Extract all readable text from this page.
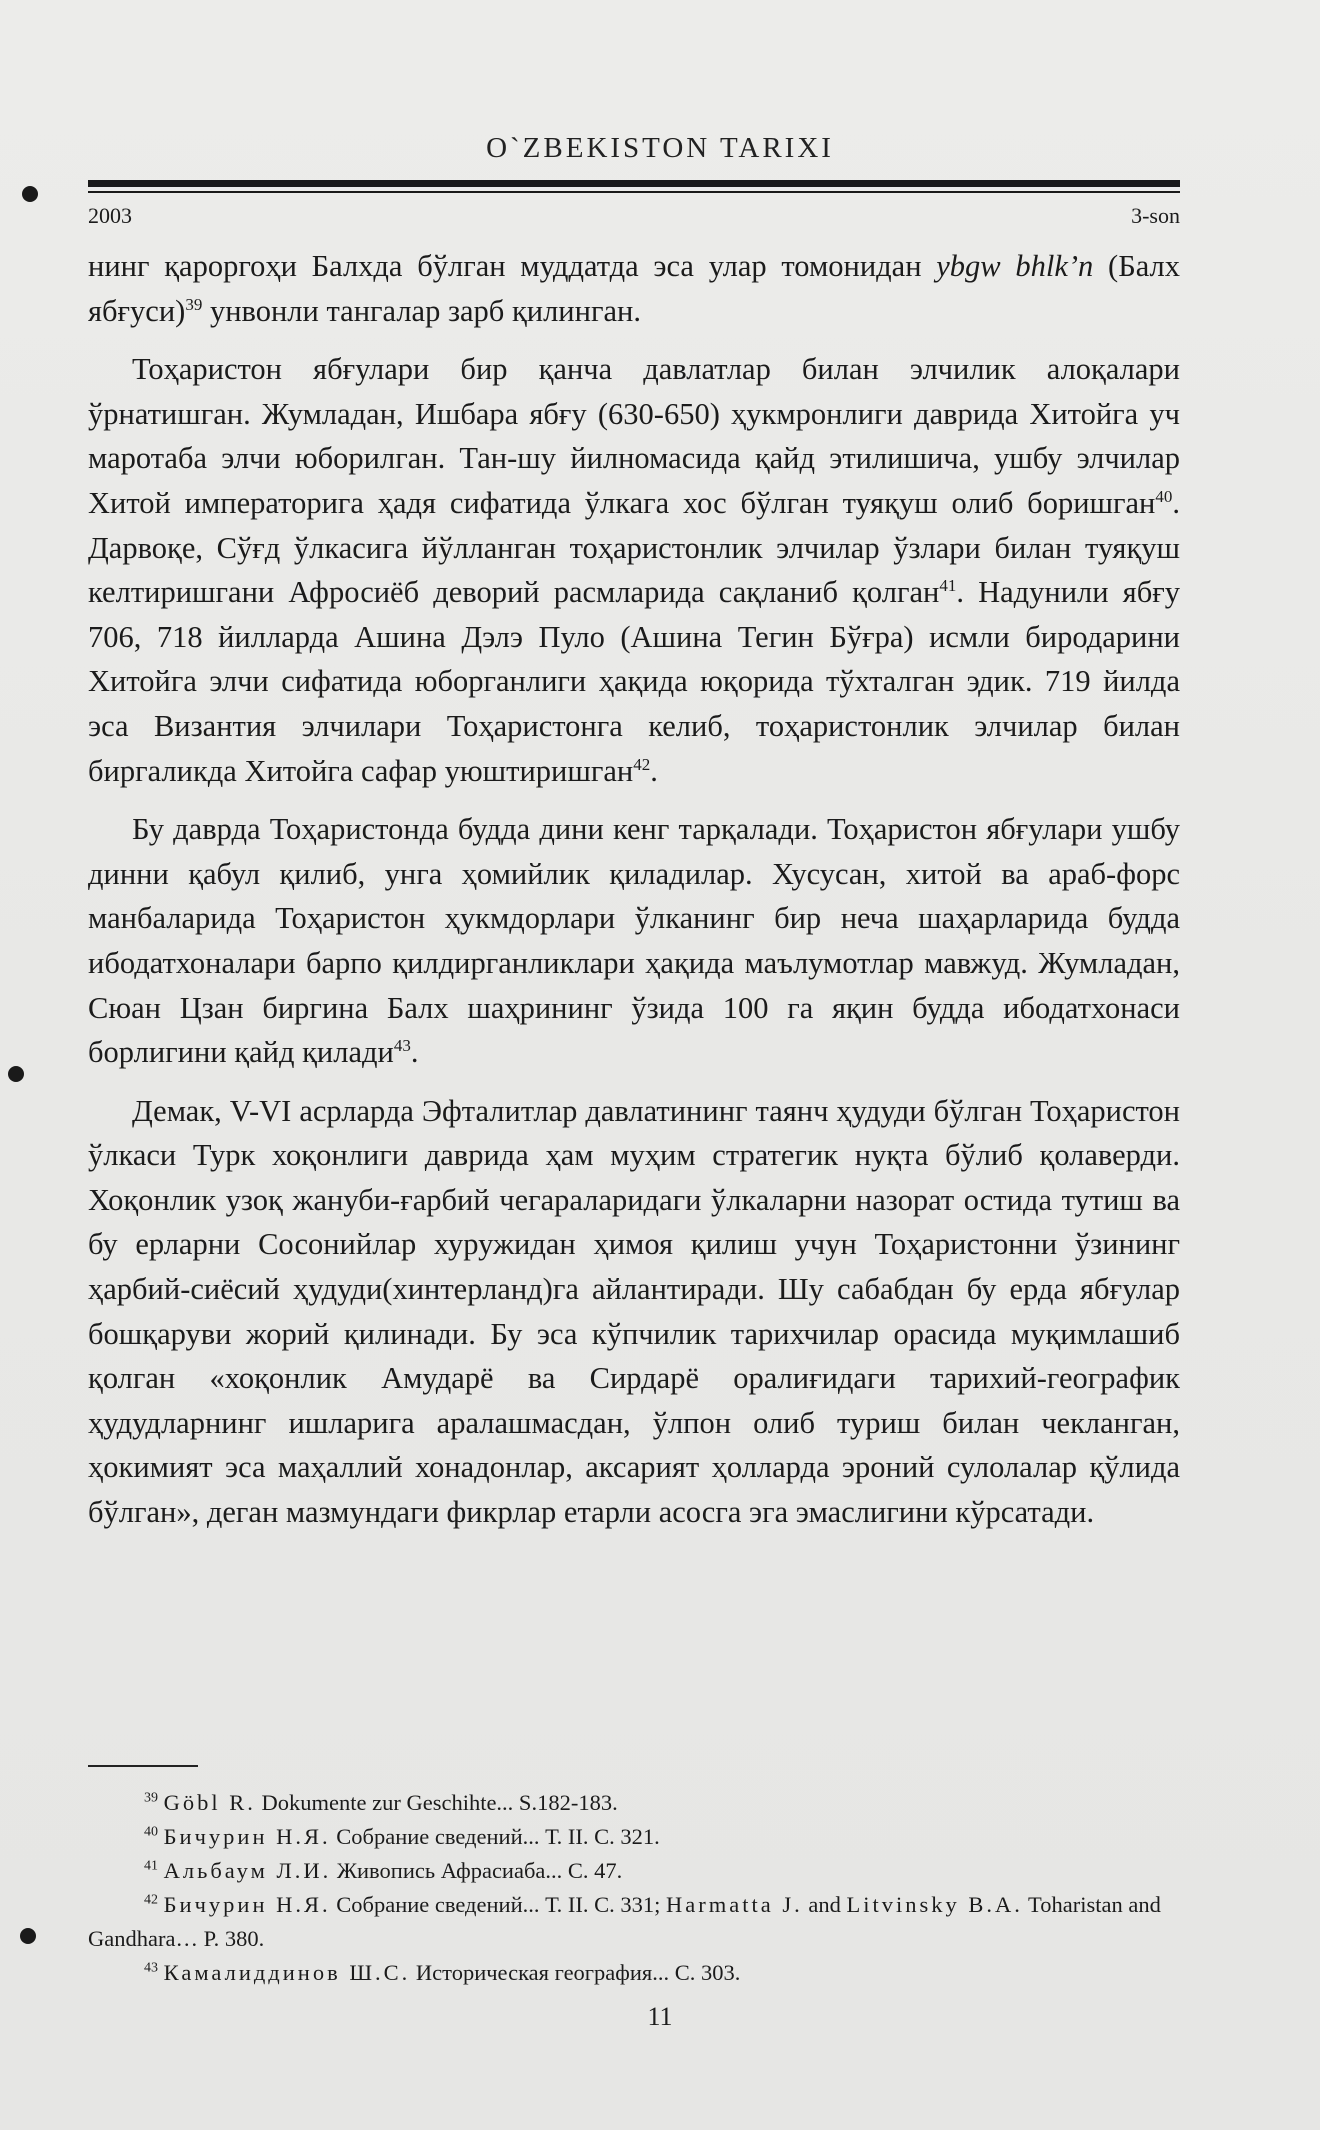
O`ZBEKISTON TARIXI
2003	3-son

нинг қароргоҳи Балхда бўлган муддатда эса улар томонидан ybgw bhlk’n (Балх ябғуси)$^{39}$ унвонли тангалар зарб қилинган.

Тоҳаристон ябғулари бир қанча давлатлар билан элчилик алоқалари ўрнатишган. Жумладан, Ишбара ябғу (630-650) ҳукмронлиги даврида Хитойга уч маротаба элчи юборилган. Тан-шу йилномасида қайд этилишича, ушбу элчилар Хитой императорига ҳадя сифатида ўлкага хос бўлган туяқуш олиб боришган$^{40}$. Дарвоқе, Сўғд ўлкасига йўлланган тоҳаристонлик элчилар ўзлари билан туяқуш келтиришгани Афросиёб деворий расмларида сақланиб қолган$^{41}$. Надунили ябғу 706, 718 йилларда Ашина Дэлэ Пуло (Ашина Тегин Бўғра) исмли биродарини Хитойга элчи сифатида юборганлиги ҳақида юқорида тўхталган эдик. 719 йилда эса Византия элчилари Тоҳаристонга келиб, тоҳаристонлик элчилар билан биргаликда Хитойга сафар уюштиришган$^{42}$.

Бу даврда Тоҳаристонда будда дини кенг тарқалади. Тоҳаристон ябғулари ушбу динни қабул қилиб, унга ҳомийлик қиладилар. Хусусан, хитой ва араб-форс манбаларида Тоҳаристон ҳукмдорлари ўлканинг бир неча шаҳарларида будда ибодатхоналари барпо қилдирганликлари ҳақида маълумотлар мавжуд. Жумладан, Сюан Цзан биргина Балх шаҳрининг ўзида 100 га яқин будда ибодатхонаси борлигини қайд қилади$^{43}$.

Демак, V-VI асрларда Эфталитлар давлатининг таянч ҳудуди бўлган Тоҳаристон ўлкаси Турк хоқонлиги даврида ҳам муҳим стратегик нуқта бўлиб қолаверди. Хоқонлик узоқ жануби-ғарбий чегараларидаги ўлкаларни назорат остида тутиш ва бу ерларни Сосонийлар хуружидан ҳимоя қилиш учун Тоҳаристонни ўзининг ҳарбий-сиёсий ҳудуди(хинтерланд)га айлантиради. Шу сабабдан бу ерда ябғулар бошқаруви жорий қилинади. Бу эса кўпчилик тарихчилар орасида муқимлашиб қолган «хоқонлик Амударё ва Сирдарё оралиғидаги тарихий-географик ҳудудларнинг ишларига аралашмасдан, ўлпон олиб туриш билан чекланган, ҳокимият эса маҳаллий хонадонлар, аксарият ҳолларда эроний сулолалар қўлида бўлган», деган мазмундаги фикрлар етарли асосга эга эмаслигини кўрсатади.

$^{39}$ Göbl R. Dokumente zur Geschihte... S.182-183.

$^{40}$ Бичурин Н.Я. Собрание сведений... Т. II. С. 321.

$^{41}$ Альбаум Л.И. Живопись Афрасиаба... С. 47.

$^{42}$ Бичурин Н.Я. Собрание сведений... Т. II. С. 331; Harmatta J. and Litvinsky B.A. Toharistan and Gandhara… P. 380.

$^{43}$ Камалиддинов Ш.С. Историческая география... С. 303.

11
